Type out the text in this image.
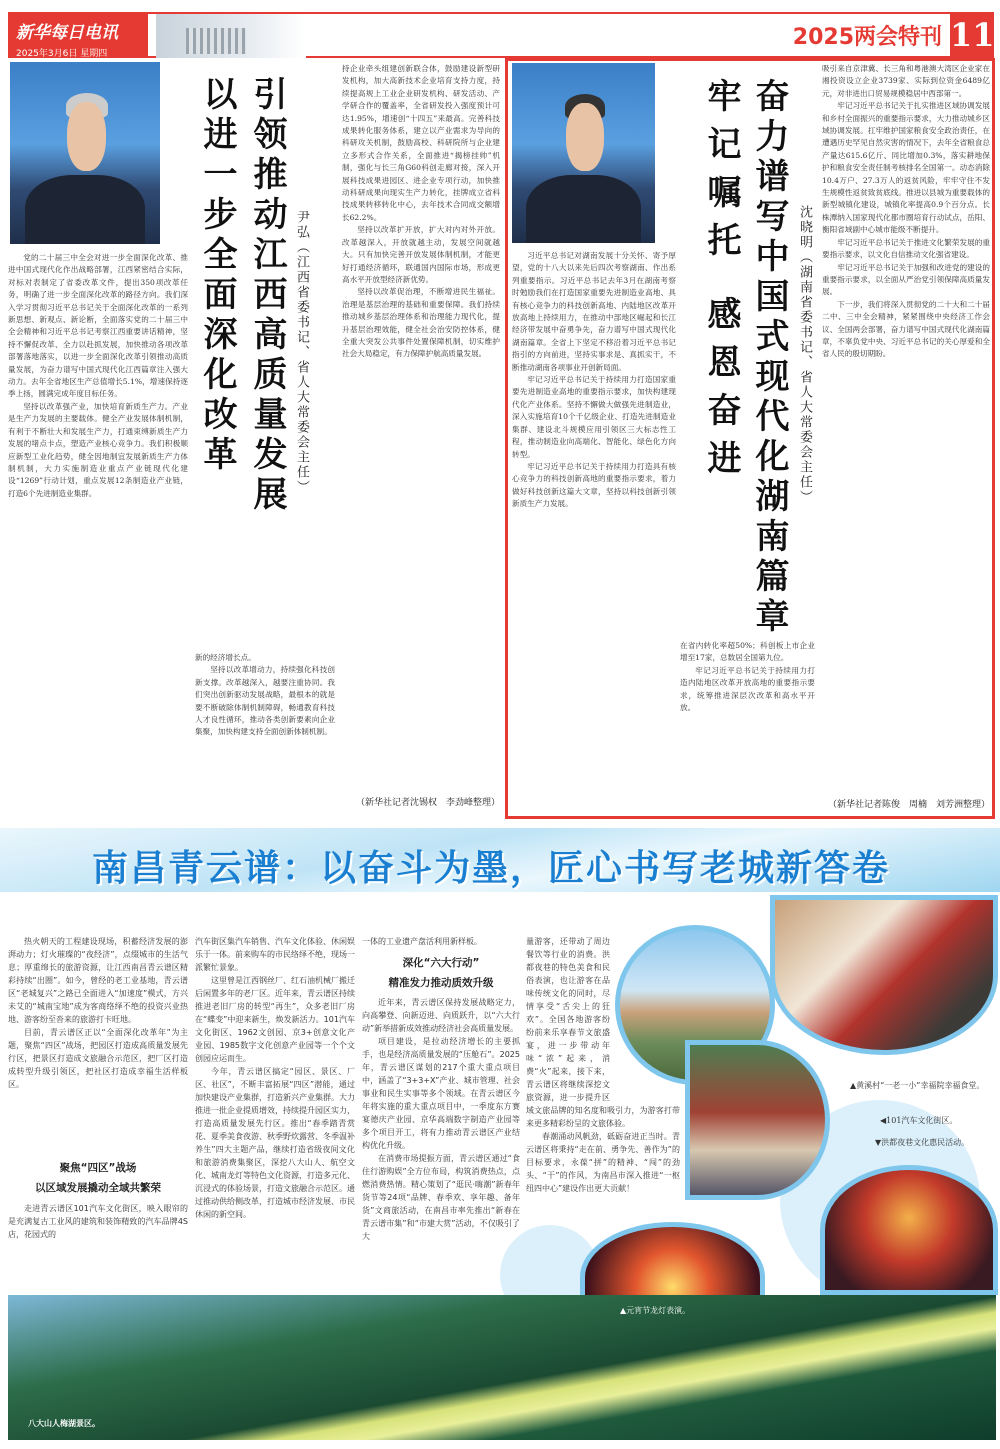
新华每日电讯
2025年3月6日 星期四
2025两会特刊 11
引领推动江西高质量发展
以进一步全面深化改革	尹弘（江西省委书记、省人大常委会主任）

党的二十届三中全会对进一步全面深化改革、推进中国式现代化作出战略部署，江西紧密结合实际，对标对表制定了省委改革文件，提出350项改革任务，明确了进一步全面深化改革的路径方向。我们深入学习贯彻习近平总书记关于全面深化改革的一系列新思想、新观点、新论断，全面落实党的二十届三中全会精神和习近平总书记考察江西重要讲话精神，坚持不懈促改革、全力以赴抓发展，加快推动各项改革部署落地落实，以进一步全面深化改革引领推动高质量发展，为奋力谱写中国式现代化江西篇章注入强大动力。去年全省地区生产总值增长5.1%，增速保持逐季上扬，圆满完成年度目标任务。

坚持以改革强产业，加快培育新质生产力。产业是生产力发展的主要载体。健全产业发展体制机制，有利于不断壮大和发展生产力，打通束缚新质生产力发展的堵点卡点，塑造产业核心竞争力。我们积极顺应新型工业化趋势，健全因地制宜发展新质生产力体制机制，大力实施制造业重点产业链现代化建设“1269”行动计划，重点发展12条制造业产业链，打造6个先进制造业集群。

新的经济增长点。

坚持以改革增动力，持续强化科技创新支撑。改革越深入，越要注重协同。我们突出创新驱动发展战略，最根本的就是要不断破除体制机制障碍，畅通教育科技人才良性循环，推动各类创新要素向企业集聚，加快构建支持全面创新体制机制。

持企业牵头组建创新联合体，鼓励建设新型研发机构，加大高新技术企业培育支持力度，持续提高规上工业企业研发机构、研发活动、产学研合作的覆盖率，全省研发投入强度预计可达1.95%，增速创“十四五”来最高。完善科技成果转化服务体系，建立以产业需求为导向的科研攻关机制，鼓励高校、科研院所与企业建立多形式合作关系，全面推进“揭榜挂帅”机制，强化与长三角G60科创走廊对接，深入开展科技成果进园区、进企业专项行动，加快推动科研成果向现实生产力转化，挂牌成立省科技成果转移转化中心，去年技术合同成交额增长62.2%。

坚持以改革扩开放，扩大对内对外开放。改革越深入，开放就越主动，发展空间就越大。只有加快完善开放发展体制机制，才能更好打通经济循环，联通国内国际市场，形成更高水平开放型经济新优势。

坚持以改革促治理，不断增进民生福祉。治理是基层治理的基础和重要保障。我们持续推动城乡基层治理体系和治理能力现代化，提升基层治理效能，健全社会治安防控体系，健全重大突发公共事件处置保障机制，切实维护社会大局稳定，有力保障护航高质量发展。

（新华社记者沈锡权　李劲峰整理）
奋力谱写中国式现代化湖南篇章
牢记嘱托 感恩奋进	沈晓明（湖南省委书记、省人大常委会主任）

习近平总书记对湖南发展十分关怀、寄予厚望，党的十八大以来先后四次考察湖南、作出系列重要指示。习近平总书记去年3月在湖南考察时勉励我们在打造国家重要先进制造业高地、具有核心竞争力的科技创新高地、内陆地区改革开放高地上持续用力，在推动中部地区崛起和长江经济带发展中奋勇争先，奋力谱写中国式现代化湖南篇章。全省上下坚定不移沿着习近平总书记指引的方向前进，坚持实事求是、真抓实干，不断推动湖南各项事业开创新局面。

牢记习近平总书记关于持续用力打造国家重要先进制造业高地的重要指示要求，加快构建现代化产业体系。坚持不懈做大做强先进制造业，深入实施培育10个千亿级企业、打造先进制造业集群、建设北斗规模应用引领区三大标志性工程，推动制造业向高端化、智能化、绿色化方向转型。

牢记习近平总书记关于持续用力打造具有核心竞争力的科技创新高地的重要指示要求，着力做好科技创新这篇大文章，坚持以科技创新引领新质生产力发展。

在省内转化率超50%；科创板上市企业增至17家，总数居全国第九位。

牢记习近平总书记关于持续用力打造内陆地区改革开放高地的重要指示要求，统筹推进深层次改革和高水平开放。

吸引来自京津冀、长三角和粤港澳大湾区企业家在湘投资设立企业3739家、实际到位资金6489亿元，对非进出口贸易规模稳居中西部第一。

牢记习近平总书记关于扎实推进区域协调发展和乡村全面振兴的重要指示要求，大力推动城乡区域协调发展。扛牢维护国家粮食安全政治责任，在遭遇历史罕见自然灾害的情况下，去年全省粮食总产量达615.6亿斤、同比增加0.3%，落实耕地保护和粮食安全责任制考核排名全国第一。动态消除10.4万户、27.3万人的返贫风险，牢牢守住不发生规模性返贫致贫底线。推进以县城为重要载体的新型城镇化建设，城镇化率提高0.9个百分点。长株潭纳入国家现代化都市圈培育行动试点，岳阳、衡阳省域副中心城市能级不断提升。

牢记习近平总书记关于推进文化繁荣发展的重要指示要求，以文化自信推动文化强省建设。

牢记习近平总书记关于加强和改进党的建设的重要指示要求，以全面从严治党引领保障高质量发展。

下一步，我们将深入贯彻党的二十大和二十届二中、三中全会精神，紧紧围绕中央经济工作会议、全国两会部署，奋力谱写中国式现代化湖南篇章，不辜负党中央、习近平总书记的关心厚爱和全省人民的殷切期盼。

（新华社记者陈俊　周楠　刘芳洲整理）
南昌青云谱：以奋斗为墨，匠心书写老城新答卷

热火朝天的工程建设现场，积蓄经济发展的澎湃动力；灯火璀璨的“夜经济”，点缀城市的生活气息；厚重绵长的旅游资源，让江西南昌青云谱区精彩持续“出圈”。如今，曾经的老工业基地，青云谱区“老城复兴”之路已全面进入“加速度”模式，方兴未艾的“城南宝地”成为客商络绎不绝的投资兴业热地、游客纷至沓来的旅游打卡旺地。

目前，青云谱区正以“全面深化改革年”为主题，聚焦“四区”战场，把园区打造成高质量发展先行区，把景区打造成文旅融合示范区，把厂区打造成转型升级引领区，把社区打造成幸福生活样板区。

聚焦“四区”战场
以区域发展撬动全域共繁荣

走进青云谱区101汽车文化街区，映入眼帘的是充满复古工业风的建筑和装饰精致的汽车品牌4S店，花园式的

汽车街区集汽车销售、汽车文化体验、休闲娱乐于一体。前来购车的市民络绎不绝，现场一派繁忙景象。

这里曾是江西钢丝厂、红石油机械厂搬迁后闲置多年的老厂区。近年来，青云谱区持续推进老旧厂房的转型“再生”，众多老旧厂房在“蝶变”中迎来新生，焕发新活力。101汽车文化街区、1962文创园、京3+创意文化产业园、1985数字文化创意产业园等一个个文创园应运而生。

今年，青云谱区搞定“园区、景区、厂区、社区”，不断丰富拓展“四区”潜能，通过加快建设产业集群，打造新兴产业集群。大力推进一批企业提质增效，持续提升园区实力，打造高质量发展先行区。推出“春季踏青赏花、夏季美食夜游、秋季野炊露营、冬季温补养生”四大主题产品，继续打造省级夜间文化和旅游消费集聚区，深挖八大山人、航空文化、城南龙灯等特色文化资源，打造多元化、沉浸式的体验场景，打造文旅融合示范区。通过推动供给侧改革，打造城市经济发展、市民休闲的新空间。

一体的工业遗产盘活利用新样板。

深化“六大行动”
精准发力推动质效升级

近年来，青云谱区保持发展战略定力，向高攀登、向新迈进、向质跃升，以“六大行动”新举措新成效推动经济社会高质量发展。

项目建设，是拉动经济增长的主要抓手，也是经济高质量发展的“压舱石”。2025年，青云谱区谋划的217个重大重点项目中，涵盖了“3+3+X”产业、城市管理、社会事业和民生实事等多个领域。在青云谱区今年将实施的重大重点项目中，一季度东方赛宴德庆产业园、京华高端数字制造产业园等多个项目开工，将有力推动青云谱区产业结构优化升级。

在消费市场提振方面，青云谱区通过“食住行游购娱”全方位布局，构筑消费热点，点燃消费热情。精心策划了“逛民·嗨潮”新春年货节等24项“品牌、春季欢、享年趣、备年货”文商旅活动，在南昌市率先推出“新春在青云谱市集”和“市建大赏”活动，不仅吸引了大

量游客，还带动了周边餐饮等行业的消费。洪都夜巷的特色美食和民俗表演，也让游客在品味传统文化的同时，尽情享受“舌尖上的狂欢”。全国各地游客纷纷前来乐享春节文旅盛宴，进一步带动年味“浓”起来，消费“火”起来，接下来，青云谱区将继续深挖文旅资源，进一步提升区域文旅品牌的知名度和吸引力，为游客打带来更多精彩纷呈的文旅体验。

春潮涌动风帆劲，砥砺奋进正当时。青云谱区将秉持“走在前、勇争先、善作为”的目标要求，永葆“拼”的精神、“闯”的劲头、“干”的作风，为南昌市深入推进“一枢纽四中心”建设作出更大贡献！

▲黄溪村“一老一小”幸福院幸福食堂。
◀101汽车文化街区。
▼洪都夜巷文化惠民活动。
八大山人梅湖景区。
▲元宵节龙灯表演。
